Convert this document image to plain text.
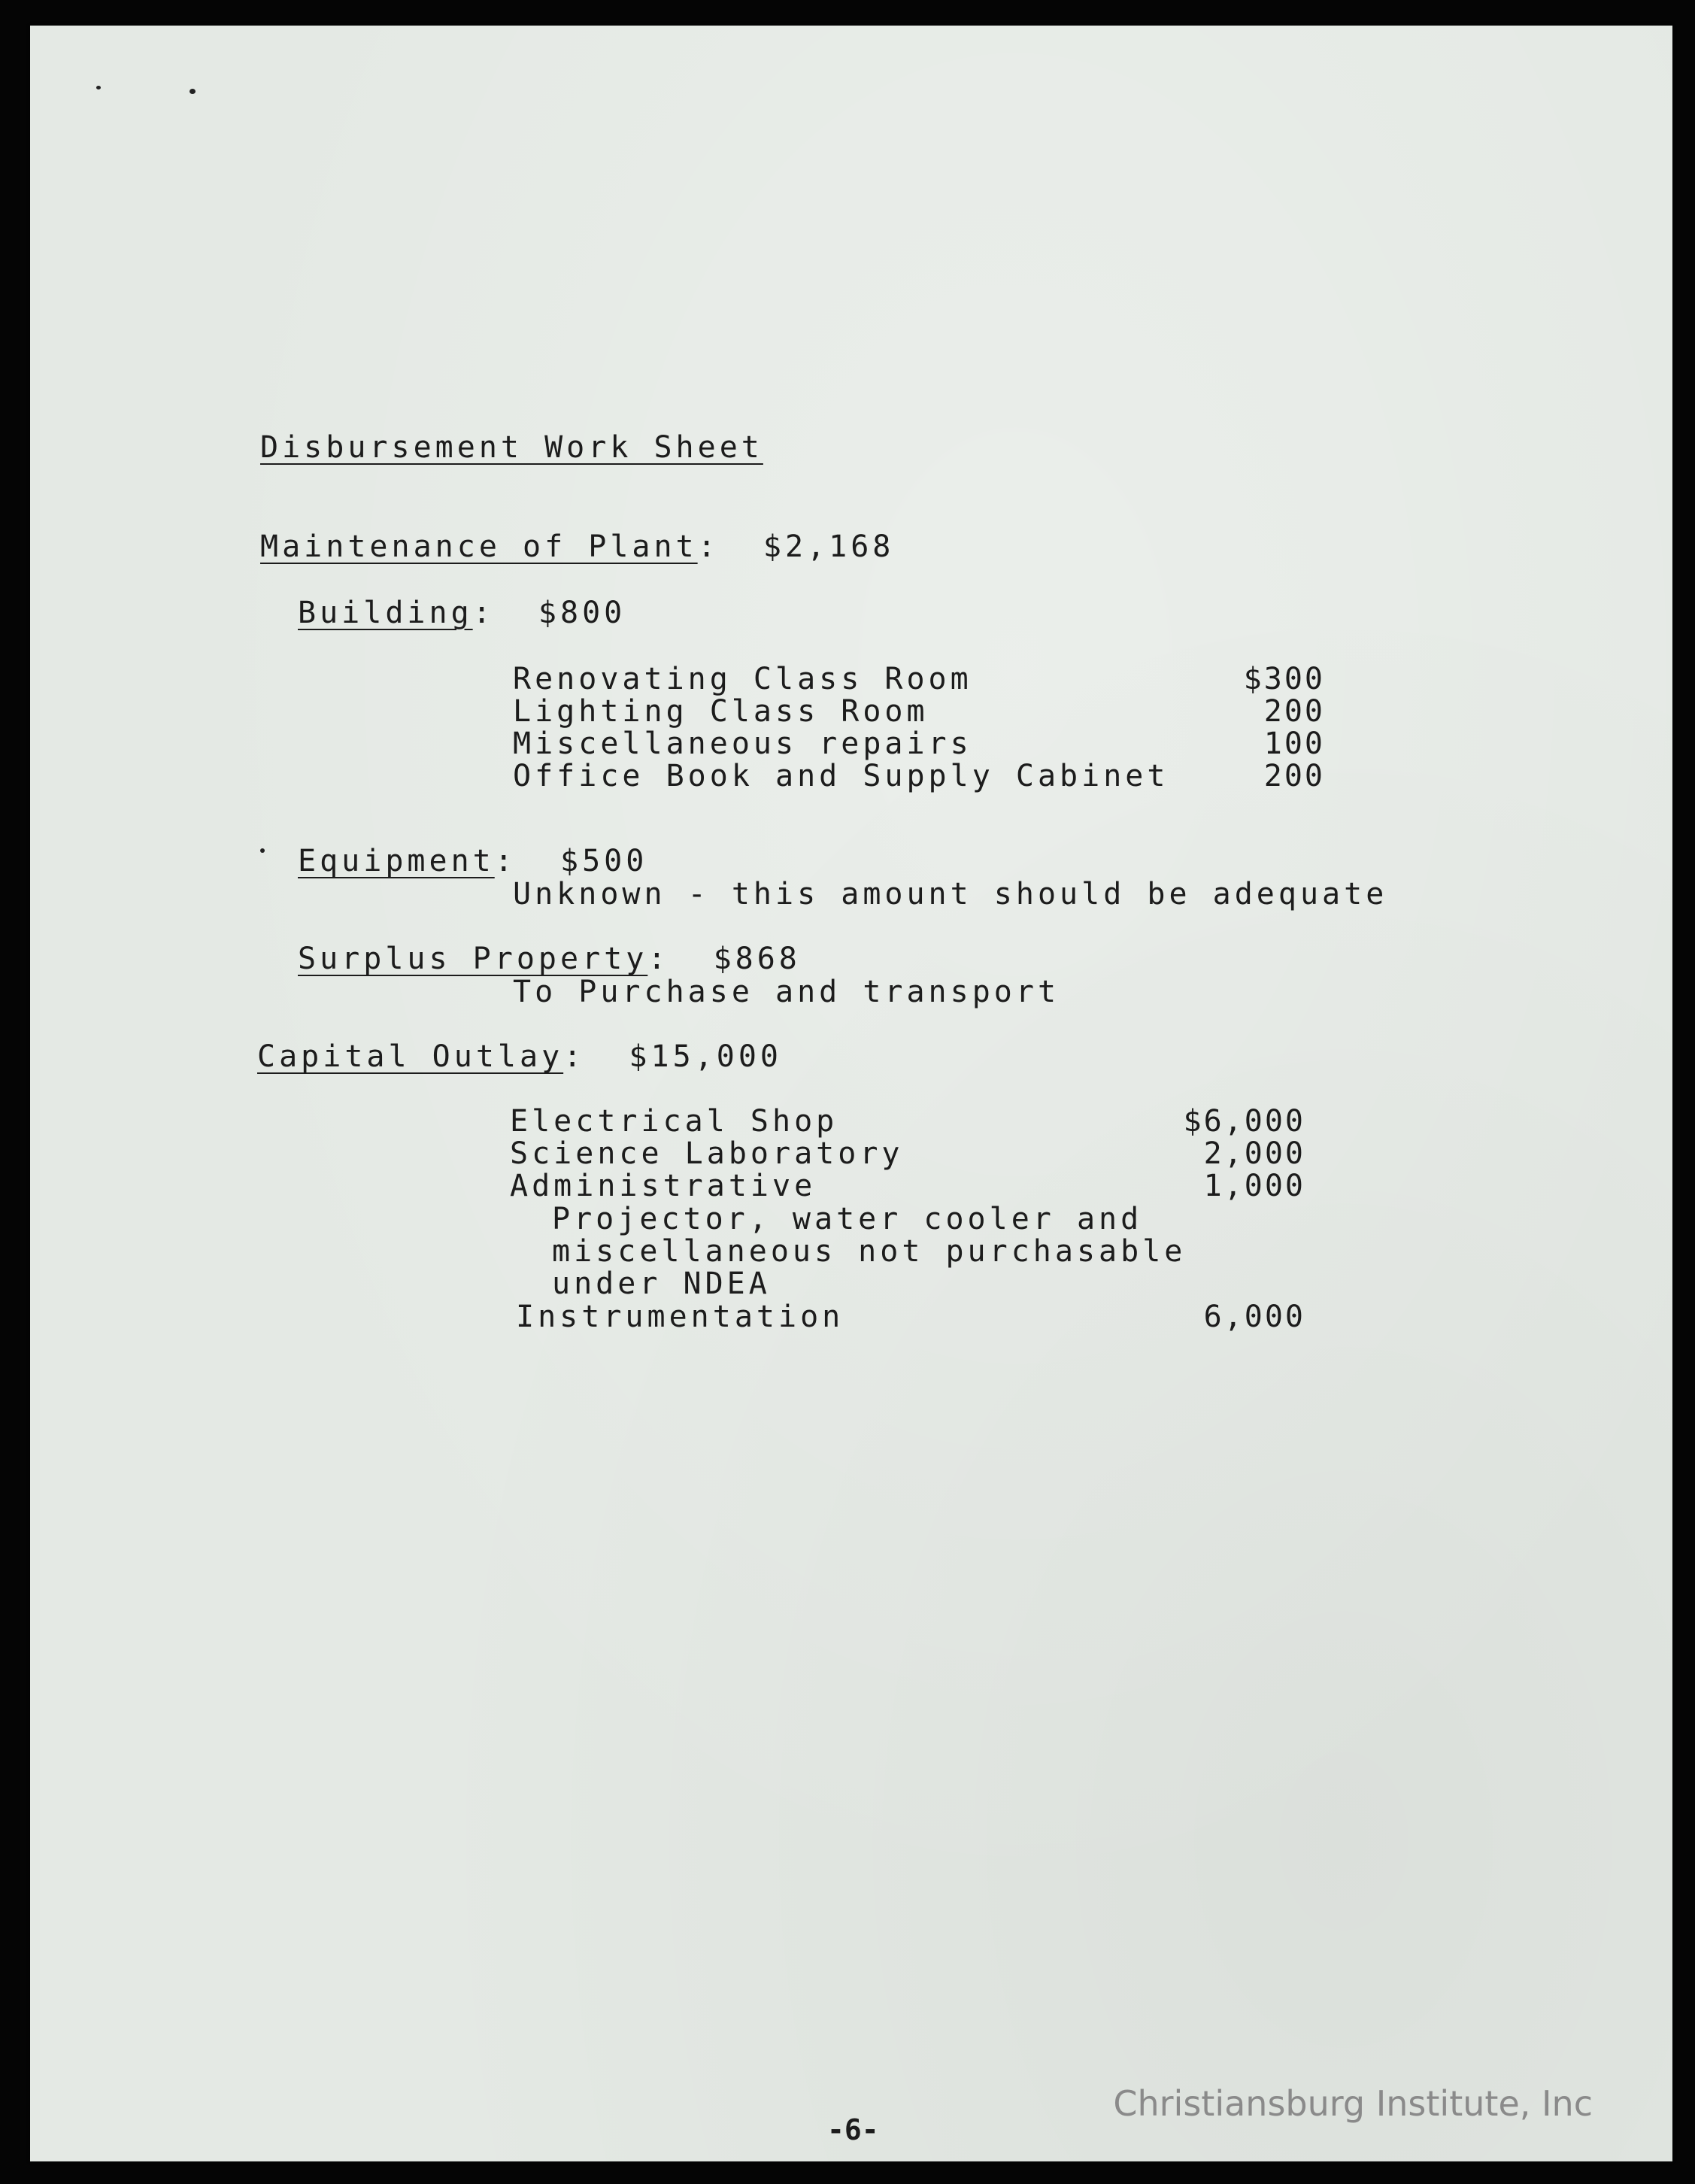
Disbursement Work Sheet
Maintenance of Plant:  $2,168
Building:  $800
Renovating Class Room	$300
Lighting Class Room	200
Miscellaneous repairs	100
Office Book and Supply Cabinet	200
Equipment:  $500
Unknown - this amount should be adequate
Surplus Property:  $868
To Purchase and transport
Capital Outlay:  $15,000
Electrical Shop	$6,000
Science Laboratory	2,000
Administrative	1,000
Projector, water cooler and
miscellaneous not purchasable
under NDEA
Instrumentation	6,000
-6-
Christiansburg Institute, Inc
